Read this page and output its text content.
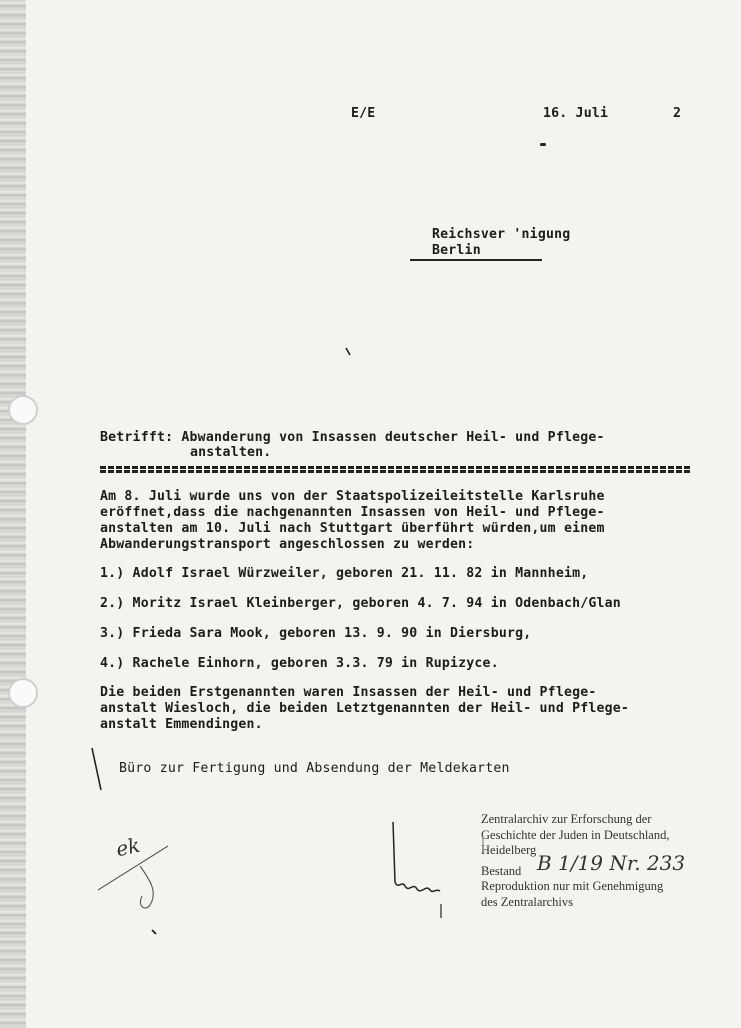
E/E	16. Juli	2
Reichsver 'nigung
Berlin
Betrifft: Abwanderung von Insassen deutscher Heil- und Pflege-
anstalten.
Am 8. Juli wurde uns von der Staatspolizeileitstelle Karlsruhe
eröffnet,dass die nachgenannten Insassen von Heil- und Pflege-
anstalten am 10. Juli nach Stuttgart überführt würden,um einem
Abwanderungstransport angeschlossen zu werden:
1.) Adolf Israel Würzweiler, geboren 21. 11. 82 in Mannheim,
2.) Moritz Israel Kleinberger, geboren 4. 7. 94 in Odenbach/Glan
3.) Frieda Sara Mook, geboren 13. 9. 90 in Diersburg,
4.) Rachele Einhorn, geboren 3.3. 79 in Rupizyce.
Die beiden Erstgenannten waren Insassen der Heil- und Pflege-
anstalt Wiesloch, die beiden Letztgenannten der Heil- und Pflege-
anstalt Emmendingen.
Büro zur Fertigung und Absendung der Meldekarten
Zentralarchiv zur Erforschung der
Geschichte der Juden in Deutschland,
Heidelberg
Bestand B 1/19 Nr. 233
Reproduktion nur mit Genehmigung
des Zentralarchivs
ek
